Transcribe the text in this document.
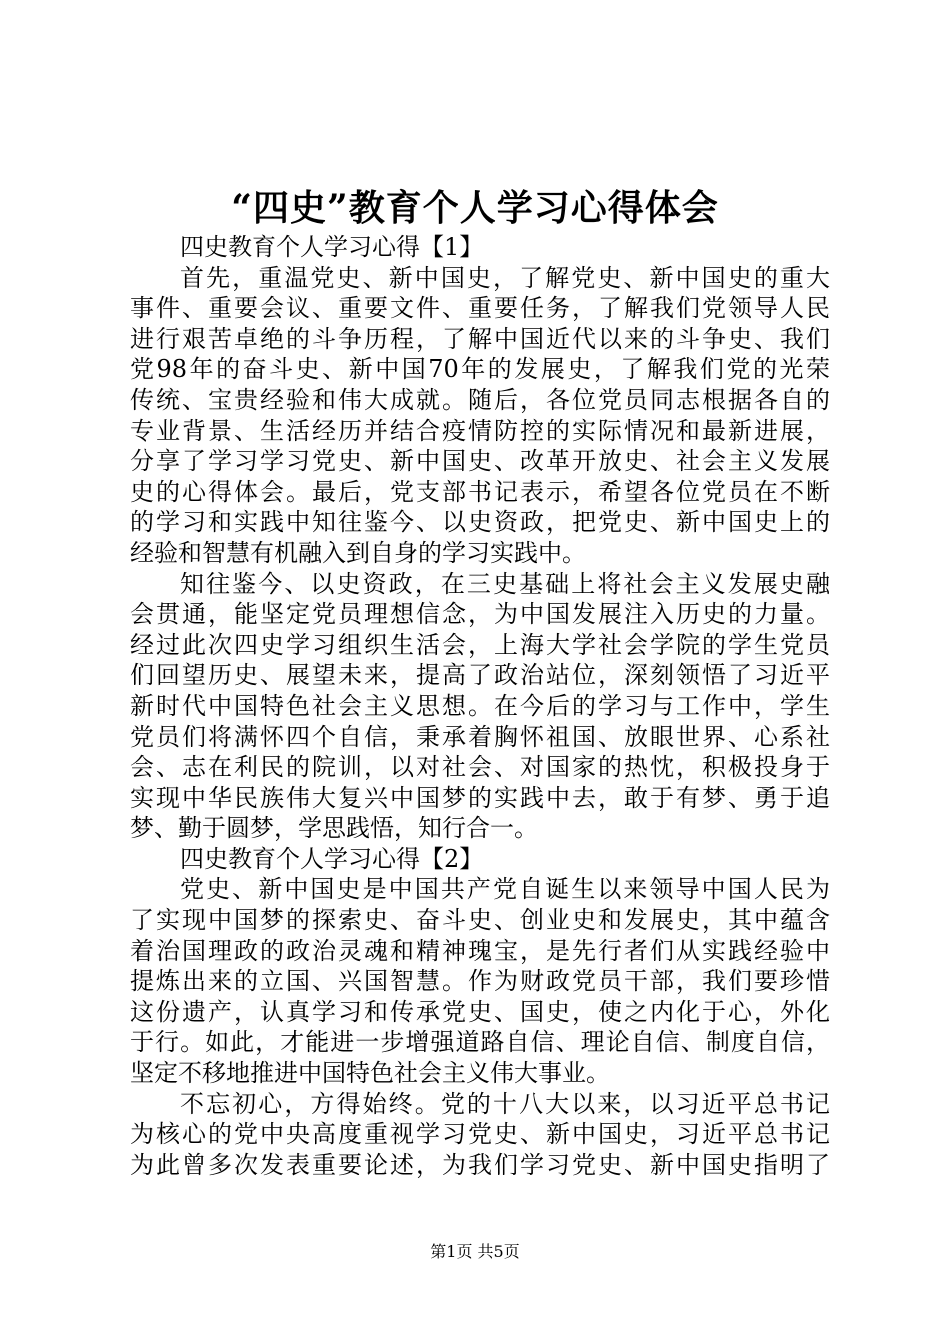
“四史”教育个人学习心得体会
四史教育个人学习心得【1】
首先，重温党史、新中国史，了解党史、新中国史的重大
事件、重要会议、重要文件、重要任务，了解我们党领导人民
进行艰苦卓绝的斗争历程，了解中国近代以来的斗争史、我们
党98年的奋斗史、新中国70年的发展史，了解我们党的光荣
传统、宝贵经验和伟大成就。随后，各位党员同志根据各自的
专业背景、生活经历并结合疫情防控的实际情况和最新进展，
分享了学习学习党史、新中国史、改革开放史、社会主义发展
史的心得体会。最后，党支部书记表示，希望各位党员在不断
的学习和实践中知往鉴今、以史资政，把党史、新中国史上的
经验和智慧有机融入到自身的学习实践中。
知往鉴今、以史资政，在三史基础上将社会主义发展史融
会贯通，能坚定党员理想信念，为中国发展注入历史的力量。
经过此次四史学习组织生活会，上海大学社会学院的学生党员
们回望历史、展望未来，提高了政治站位，深刻领悟了习近平
新时代中国特色社会主义思想。在今后的学习与工作中，学生
党员们将满怀四个自信，秉承着胸怀祖国、放眼世界、心系社
会、志在利民的院训，以对社会、对国家的热忱，积极投身于
实现中华民族伟大复兴中国梦的实践中去，敢于有梦、勇于追
梦、勤于圆梦，学思践悟，知行合一。
四史教育个人学习心得【2】
党史、新中国史是中国共产党自诞生以来领导中国人民为
了实现中国梦的探索史、奋斗史、创业史和发展史，其中蕴含
着治国理政的政治灵魂和精神瑰宝，是先行者们从实践经验中
提炼出来的立国、兴国智慧。作为财政党员干部，我们要珍惜
这份遗产，认真学习和传承党史、国史，使之内化于心，外化
于行。如此，才能进一步增强道路自信、理论自信、制度自信，
坚定不移地推进中国特色社会主义伟大事业。
不忘初心，方得始终。党的十八大以来，以习近平总书记
为核心的党中央高度重视学习党史、新中国史，习近平总书记
为此曾多次发表重要论述，为我们学习党史、新中国史指明了
第1页 共5页
